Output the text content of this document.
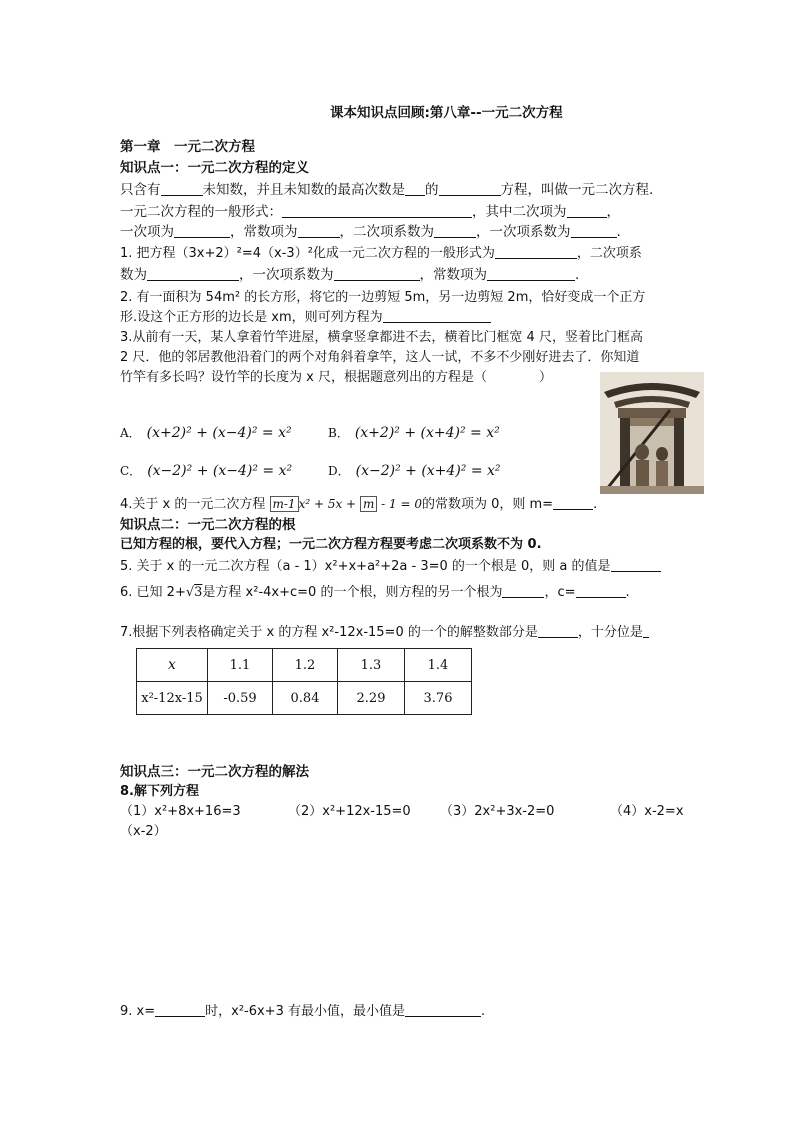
课本知识点回顾:第八章--一元二次方程
第一章　一元二次方程
知识点一：一元二次方程的定义
只含有	未知数，并且未知数的最高次数是 的	方程，叫做一元二次方程.
一元二次方程的一般形式：	，其中二次项为	，
一次项为	，常数项为	，二次项系数为	，一次项系数为	.
1. 把方程（3x+2）²=4（x-3）²化成一元二次方程的一般形式为	，二次项系
数为	，一次项系数为	，常数项为	.
2. 有一面积为 54m² 的长方形，将它的一边剪短 5m，另一边剪短 2m，恰好变成一个正方
形.设这个正方形的边长是 xm，则可列方程为
3.从前有一天，某人拿着竹竿进屋，横拿竖拿都进不去，横着比门框宽 4 尺，竖着比门框高
2 尺．他的邻居教他沿着门的两个对角斜着拿竿，这人一试，不多不少刚好进去了．你知道
竹竿有多长吗？设竹竿的长度为 x 尺，根据题意列出的方程是（　　　　）
A． (x+2)² + (x−4)² = x²	B． (x+2)² + (x+4)² = x²
C． (x−2)² + (x−4)² = x²	D． (x−2)² + (x+4)² = x²
4.关于 x 的一元二次方程 m-1 x² + 5x + m - 1 = 0的常数项为 0，则 m=	.
知识点二：一元二次方程的根
已知方程的根，要代入方程；一元二次方程方程要考虑二次项系数不为 0.
5. 关于 x 的一元二次方程（a - 1）x²+x+a²+2a - 3=0 的一个根是 0，则 a 的值是
6. 已知 2+√3是方程 x²-4x+c=0 的一个根，则方程的另一个根为	，c=	.
7.根据下列表格确定关于 x 的方程 x²-12x-15=0 的一个的解整数部分是	，十分位是
x	1.1	1.2	1.3	1.4
x²-12x-15	-0.59	0.84	2.29	3.76
知识点三：一元二次方程的解法
8.解下列方程
（1）x²+8x+16=3	（2）x²+12x-15=0 （3）2x²+3x-2=0	（4）x-2=x
（x-2）
9. x=	时，x²-6x+3 有最小值，最小值是	.
